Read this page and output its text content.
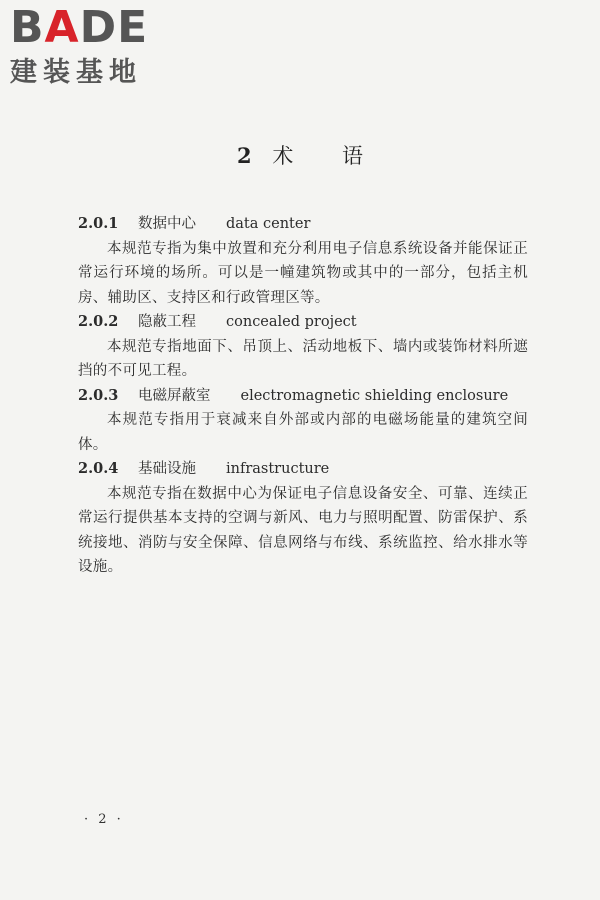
BADE
建装基地
2 术 语
2.0.1 数据中心 data center
本规范专指为集中放置和充分利用电子信息系统设备并能保证正常运行环境的场所。可以是一幢建筑物或其中的一部分，包括主机房、辅助区、支持区和行政管理区等。
2.0.2 隐蔽工程 concealed project
本规范专指地面下、吊顶上、活动地板下、墙内或装饰材料所遮挡的不可见工程。
2.0.3 电磁屏蔽室 electromagnetic shielding enclosure
本规范专指用于衰减来自外部或内部的电磁场能量的建筑空间体。
2.0.4 基础设施 infrastructure
本规范专指在数据中心为保证电子信息设备安全、可靠、连续正常运行提供基本支持的空调与新风、电力与照明配置、防雷保护、系统接地、消防与安全保障、信息网络与布线、系统监控、给水排水等设施。
· 2 ·
